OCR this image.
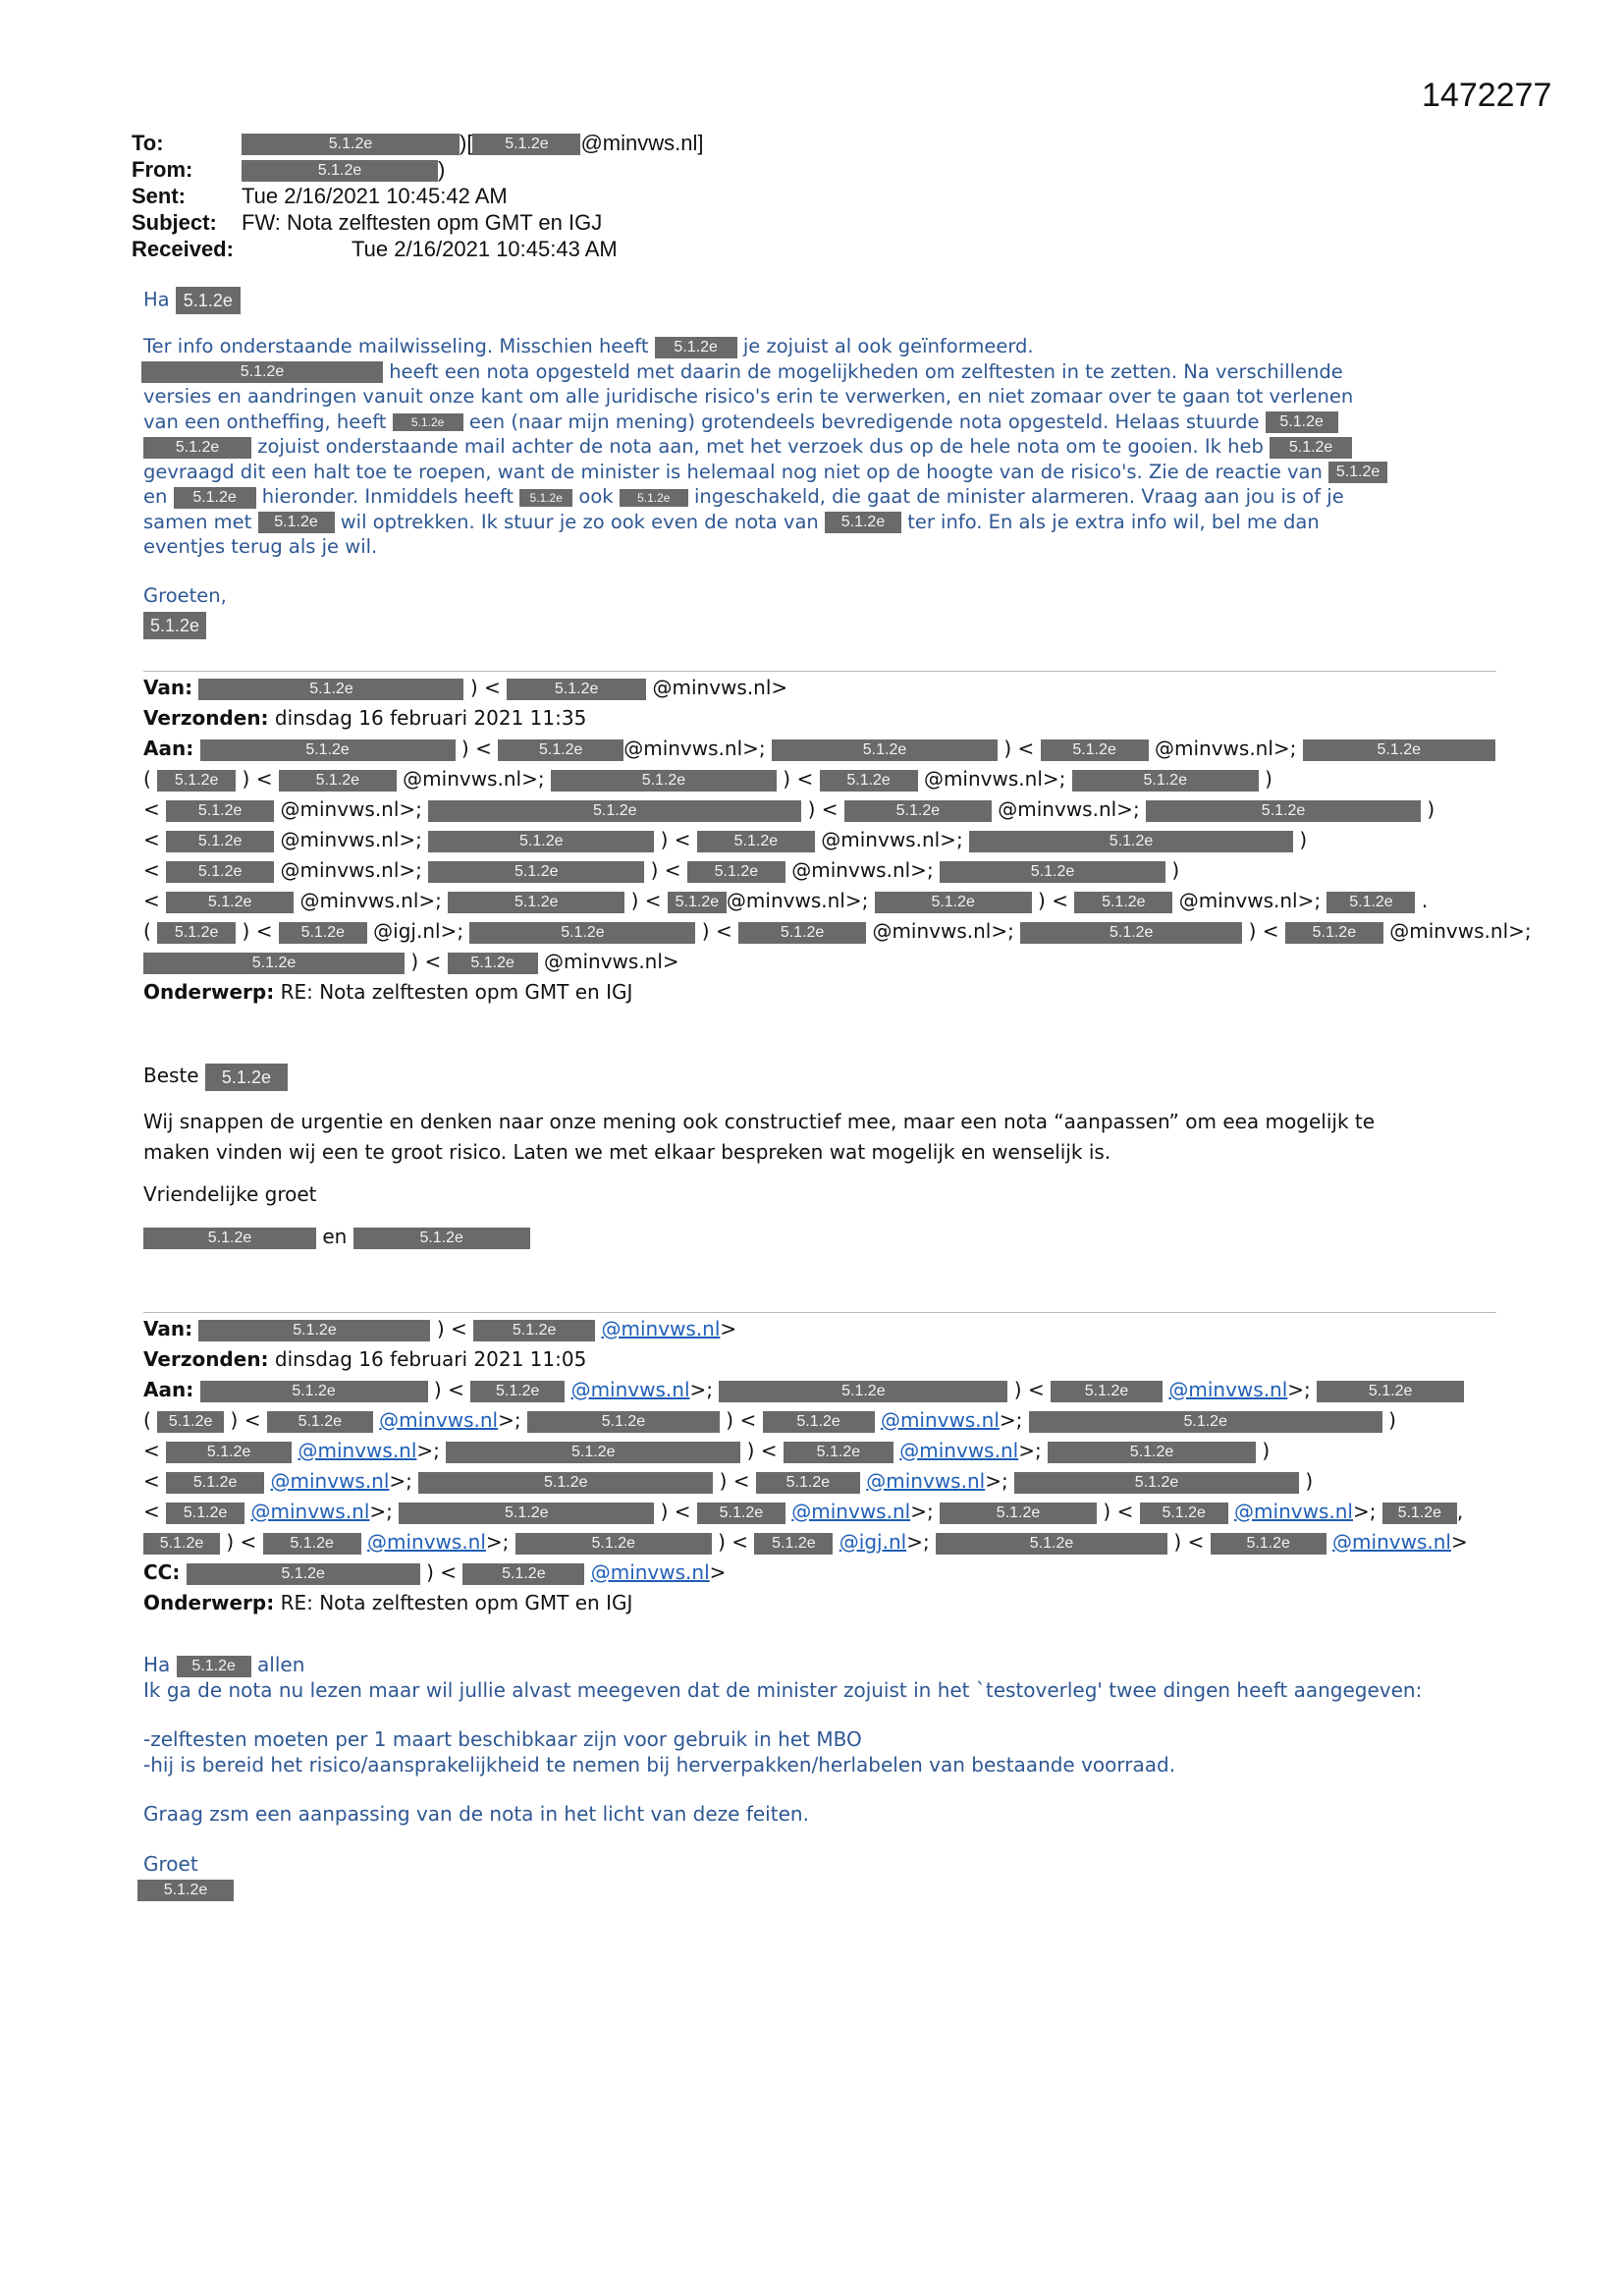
1472277
To:	5.1.2e	)[ 5.1.2e @minvws.nl]
From:	5.1.2e	)
Sent:	Tue 2/16/2021 10:45:42 AM
Subject: FW: Nota zelftesten opm GMT en IGJ
Received:	Tue 2/16/2021 10:45:43 AM

Ha 5.1.2e

Ter info onderstaande mailwisseling. Misschien heeft 5.1.2e je zojuist al ook geïnformeerd.
5.1.2e	heeft een nota opgesteld met daarin de mogelijkheden om zelftesten in te zetten. Na verschillende
versies en aandringen vanuit onze kant om alle juridische risico's erin te verwerken, en niet zomaar over te gaan tot verlenen
van een ontheffing, heeft 5.1.2e een (naar mijn mening) grotendeels bevredigende nota opgesteld. Helaas stuurde 5.1.2e
5.1.2e zojuist onderstaande mail achter de nota aan, met het verzoek dus op de hele nota om te gooien. Ik heb 5.1.2e
gevraagd dit een halt toe te roepen, want de minister is helemaal nog niet op de hoogte van de risico's. Zie de reactie van 5.1.2e
en 5.1.2e hieronder. Inmiddels heeft 5.1.2e ook 5.1.2e ingeschakeld, die gaat de minister alarmeren. Vraag aan jou is of je
samen met 5.1.2e wil optrekken. Ik stuur je zo ook even de nota van 5.1.2e ter info. En als je extra info wil, bel me dan
eventjes terug als je wil.

Groeten,

5.1.2e

Van:	5.1.2e	) <	5.1.2e	@minvws.nl>
Verzonden: dinsdag 16 februari 2021 11:35
Aan:	5.1.2e	) <	5.1.2e @minvws.nl>;	5.1.2e	) < 5.1.2e @minvws.nl>;	5.1.2e
( 5.1.2e ) < 5.1.2e @minvws.nl>;	5.1.2e	) < 5.1.2e @minvws.nl>;	5.1.2e	)
< 5.1.2e @minvws.nl>;	5.1.2e	) <	5.1.2e	@minvws.nl>;	5.1.2e	)
< 5.1.2e @minvws.nl>;	5.1.2e	) < 5.1.2e @minvws.nl>;	5.1.2e	)
< 5.1.2e @minvws.nl>;	5.1.2e	) < 5.1.2e @minvws.nl>;	5.1.2e	)
<	5.1.2e @minvws.nl>;	5.1.2e	) < 5.1.2e @minvws.nl>;	5.1.2e	) < 5.1.2e @minvws.nl>; 5.1.2e .
( 5.1.2e ) < 5.1.2e @igj.nl>;	5.1.2e	) <	5.1.2e @minvws.nl>;	5.1.2e	) < 5.1.2e @minvws.nl>;
5.1.2e	) < 5.1.2e @minvws.nl>
Onderwerp: RE: Nota zelftesten opm GMT en IGJ
Beste 5.1.2e
Wij snappen de urgentie en denken naar onze mening ook constructief mee, maar een nota “aanpassen” om eea mogelijk te
maken vinden wij een te groot risico. Laten we met elkaar bespreken wat mogelijk en wenselijk is.
Vriendelijke groet
5.1.2e	en	5.1.2e
Van:	5.1.2e	) < 5.1.2e @minvws.nl>
Verzonden: dinsdag 16 februari 2021 11:05
Aan:	5.1.2e	) < 5.1.2e @minvws.nl>;	5.1.2e	) < 5.1.2e @minvws.nl>;	5.1.2e
( 5.1.2e ) < 5.1.2e @minvws.nl>;	5.1.2e	) < 5.1.2e @minvws.nl>;	5.1.2e	)
<	5.1.2e @minvws.nl>;	5.1.2e	) < 5.1.2e @minvws.nl>;	5.1.2e	)
< 5.1.2e @minvws.nl>;	5.1.2e	) < 5.1.2e @minvws.nl>;	5.1.2e	)
< 5.1.2e @minvws.nl>;	5.1.2e	) < 5.1.2e @minvws.nl>;	5.1.2e	) < 5.1.2e @minvws.nl>; 5.1.2e ,
5.1.2e ) < 5.1.2e @minvws.nl>;	5.1.2e	) < 5.1.2e @igj.nl>;	5.1.2e	) < 5.1.2e @minvws.nl>
CC:	5.1.2e	) < 5.1.2e @minvws.nl>
Onderwerp: RE: Nota zelftesten opm GMT en IGJ

Ha 5.1.2e allen

Ik ga de nota nu lezen maar wil jullie alvast meegeven dat de minister zojuist in het `testoverleg' twee dingen heeft aangegeven:

-zelftesten moeten per 1 maart beschibkaar zijn voor gebruik in het MBO

-hij is bereid het risico/aansprakelijkheid te nemen bij herverpakken/herlabelen van bestaande voorraad.

Graag zsm een aanpassing van de nota in het licht van deze feiten.

Groet

5.1.2e
